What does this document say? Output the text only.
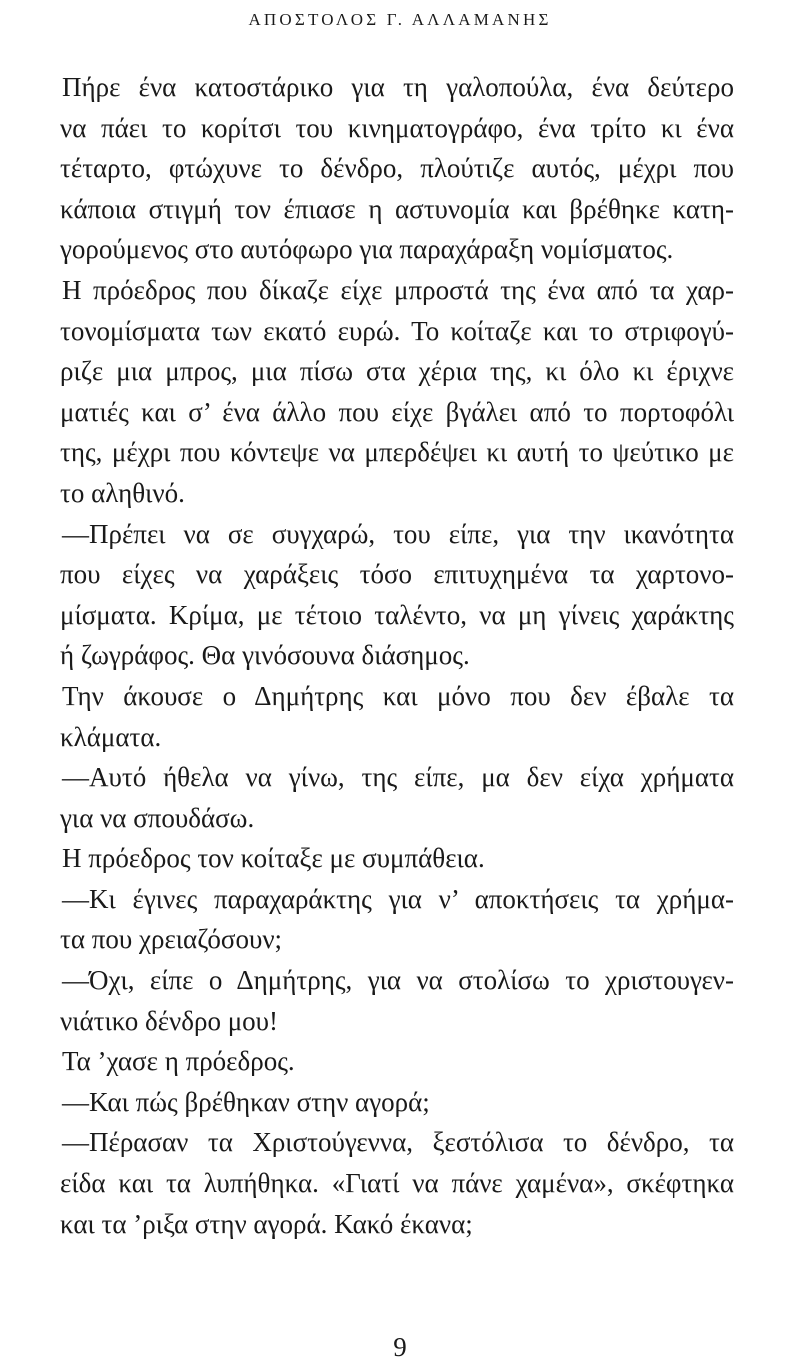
ΑΠΟΣΤΟΛΟΣ Γ. ΑΛΛΑΜΑΝΗΣ
Πήρε ένα κατοστάρικο για τη γαλοπούλα, ένα δεύτερο
να πάει το κορίτσι του κινηματογράφο, ένα τρίτο κι ένα
τέταρτο, φτώχυνε το δένδρο, πλούτιζε αυτός, μέχρι που
κάποια στιγμή τον έπιασε η αστυνομία και βρέθηκε κατη-
γορούμενος στο αυτόφωρο για παραχάραξη νομίσματος.
Η πρόεδρος που δίκαζε είχε μπροστά της ένα από τα χαρ-
τονομίσματα των εκατό ευρώ. Το κοίταζε και το στριφογύ-
ριζε μια μπρος, μια πίσω στα χέρια της, κι όλο κι έριχνε
ματιές και σ’ ένα άλλο που είχε βγάλει από το πορτοφόλι
της, μέχρι που κόντεψε να μπερδέψει κι αυτή το ψεύτικο με
το αληθινό.
—Πρέπει να σε συγχαρώ, του είπε, για την ικανότητα
που είχες να χαράξεις τόσο επιτυχημένα τα χαρτονο-
μίσματα. Κρίμα, με τέτοιο ταλέντο, να μη γίνεις χαράκτης
ή ζωγράφος. Θα γινόσουνα διάσημος.
Την άκουσε ο Δημήτρης και μόνο που δεν έβαλε τα
κλάματα.
—Αυτό ήθελα να γίνω, της είπε, μα δεν είχα χρήματα
για να σπουδάσω.
Η πρόεδρος τον κοίταξε με συμπάθεια.
—Κι έγινες παραχαράκτης για ν’ αποκτήσεις τα χρήμα-
τα που χρειαζόσουν;
—Όχι, είπε ο Δημήτρης, για να στολίσω το χριστουγεν-
νιάτικο δένδρο μου!
Τα ’χασε η πρόεδρος.
—Και πώς βρέθηκαν στην αγορά;
—Πέρασαν τα Χριστούγεννα, ξεστόλισα το δένδρο, τα
είδα και τα λυπήθηκα. «Γιατί να πάνε χαμένα», σκέφτηκα
και τα ’ριξα στην αγορά. Κακό έκανα;
9
